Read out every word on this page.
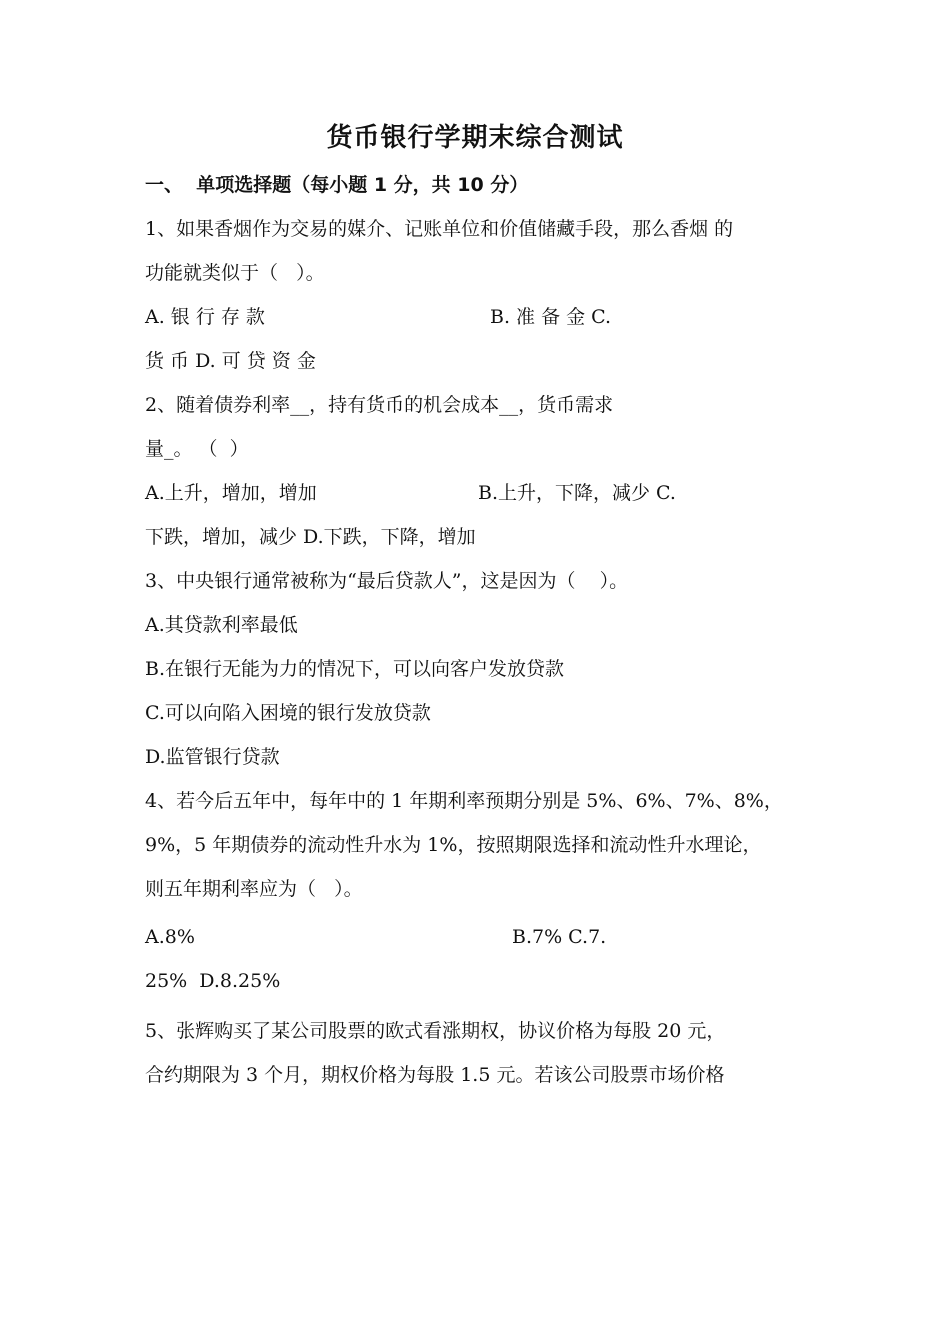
货币银行学期末综合测试
一、  单项选择题（每小题 1 分，共 10 分）
1、如果香烟作为交易的媒介、记账单位和价值储藏手段，那么香烟 的
功能就类似于（   ）。
A. 银 行 存 款	B. 准 备 金 C.
货 币 D. 可 贷 资 金
2、随着债券利率__，持有货币的机会成本__，货币需求
量_。 （  ）
A.上升，增加，增加	B.上升，下降，减少 C.
下跌，增加，减少 D.下跌，下降，增加
3、中央银行通常被称为“最后贷款人”，这是因为（    ）。
A.其贷款利率最低
B.在银行无能为力的情况下，可以向客户发放贷款
C.可以向陷入困境的银行发放贷款
D.监管银行贷款
4、若今后五年中，每年中的 1 年期利率预期分别是 5%、6%、7%、8%，
9%，5 年期债券的流动性升水为 1%，按照期限选择和流动性升水理论，
则五年期利率应为（   ）。
A.8%	B.7% C.7.
25%  D.8.25%
5、张辉购买了某公司股票的欧式看涨期权，协议价格为每股 20 元，
合约期限为 3 个月，期权价格为每股 1.5 元。若该公司股票市场价格
